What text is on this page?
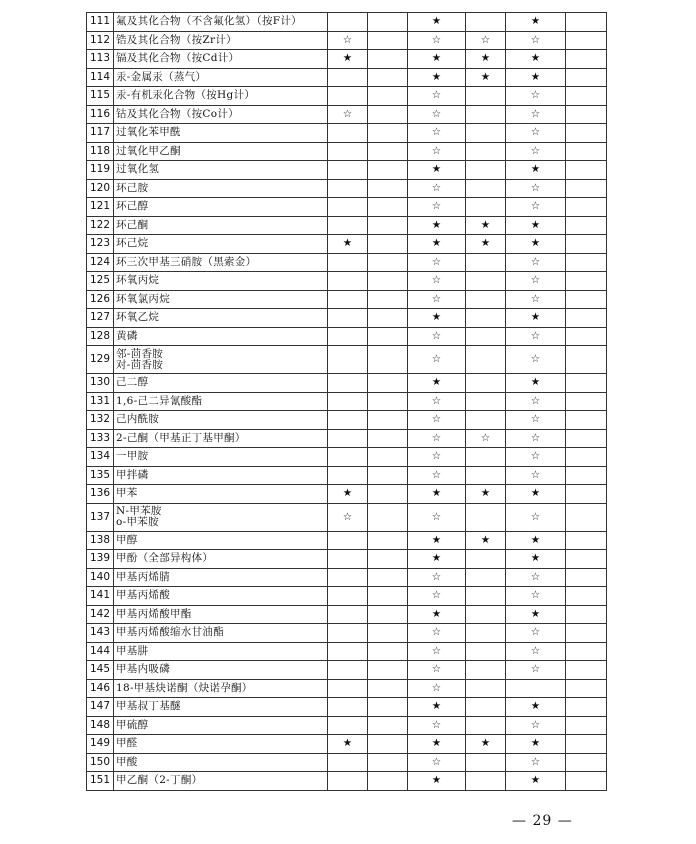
111	氟及其化合物（不含氟化氢）（按F计）			★		★	
112	锆及其化合物（按Zr计）	☆		☆	☆	☆	
113	镉及其化合物（按Cd计）	★		★	★	★	
114	汞-金属汞（蒸气）			★	★	★	
115	汞-有机汞化合物（按Hg计）			☆		☆	
116	钴及其化合物（按Co计）	☆		☆		☆	
117	过氧化苯甲酰			☆		☆	
118	过氧化甲乙酮			☆		☆	
119	过氧化氢			★		★	
120	环己胺			☆		☆	
121	环己醇			☆		☆	
122	环己酮			★	★	★	
123	环己烷	★		★	★	★	
124	环三次甲基三硝胺（黑索金）			☆		☆	
125	环氧丙烷			☆		☆	
126	环氧氯丙烷			☆		☆	
127	环氧乙烷			★		★	
128	黄磷			☆		☆	
129	邻-茴香胺
对-茴香胺			☆		☆	
130	己二醇			★		★	
131	1,6-己二异氰酸酯			☆		☆	
132	己内酰胺			☆		☆	
133	2-己酮（甲基正丁基甲酮）			☆	☆	☆	
134	一甲胺			☆		☆	
135	甲拌磷			☆		☆	
136	甲苯	★		★	★	★	
137	N-甲苯胺
o-甲苯胺	☆		☆		☆	
138	甲醇			★	★	★	
139	甲酚（全部异构体）			★		★	
140	甲基丙烯腈			☆		☆	
141	甲基丙烯酸			☆		☆	
142	甲基丙烯酸甲酯			★		★	
143	甲基丙烯酸缩水甘油酯			☆		☆	
144	甲基肼			☆		☆	
145	甲基内吸磷			☆		☆	
146	18-甲基炔诺酮（炔诺孕酮）			☆			
147	甲基叔丁基醚			★		★	
148	甲硫醇			☆		☆	
149	甲醛	★		★	★	★	
150	甲酸			☆		☆	
151	甲乙酮（2-丁酮）			★		★	
— 29 —
